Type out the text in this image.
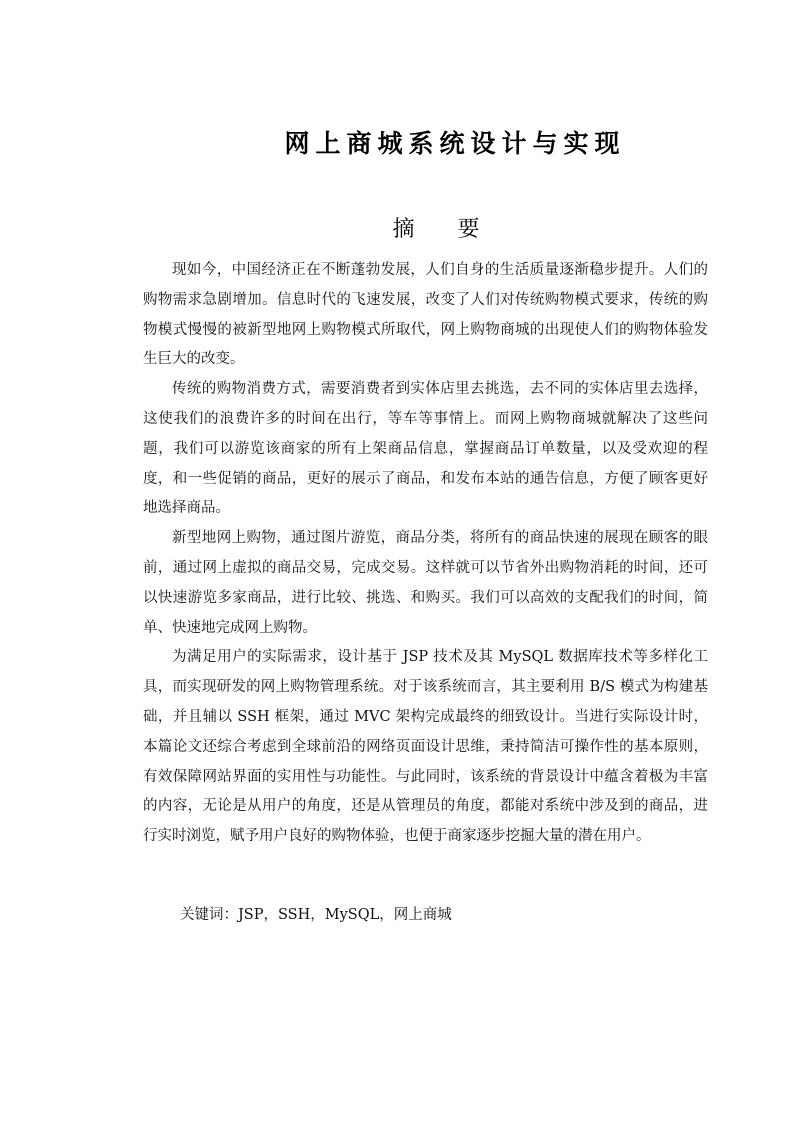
网上商城系统设计与实现
摘 要

现如今，中国经济正在不断蓬勃发展，人们自身的生活质量逐渐稳步提升。人们的购物需求急剧增加。信息时代的飞速发展，改变了人们对传统购物模式要求，传统的购物模式慢慢的被新型地网上购物模式所取代，网上购物商城的出现使人们的购物体验发生巨大的改变。

传统的购物消费方式，需要消费者到实体店里去挑选，去不同的实体店里去选择，这使我们的浪费许多的时间在出行，等车等事情上。而网上购物商城就解决了这些问题，我们可以游览该商家的所有上架商品信息，掌握商品订单数量，以及受欢迎的程度，和一些促销的商品，更好的展示了商品，和发布本站的通告信息，方便了顾客更好地选择商品。

新型地网上购物，通过图片游览，商品分类，将所有的商品快速的展现在顾客的眼前，通过网上虚拟的商品交易，完成交易。这样就可以节省外出购物消耗的时间，还可以快速游览多家商品，进行比较、挑选、和购买。我们可以高效的支配我们的时间，简单、快速地完成网上购物。

为满足用户的实际需求，设计基于 JSP 技术及其 MySQL 数据库技术等多样化工具，而实现研发的网上购物管理系统。对于该系统而言，其主要利用 B/S 模式为构建基础，并且辅以 SSH 框架，通过 MVC 架构完成最终的细致设计。当进行实际设计时，本篇论文还综合考虑到全球前沿的网络页面设计思维，秉持简洁可操作性的基本原则，有效保障网站界面的实用性与功能性。与此同时，该系统的背景设计中蕴含着极为丰富的内容，无论是从用户的角度，还是从管理员的角度，都能对系统中涉及到的商品，进行实时浏览，赋予用户良好的购物体验，也便于商家逐步挖掘大量的潜在用户。

关键词：JSP，SSH，MySQL，网上商城
